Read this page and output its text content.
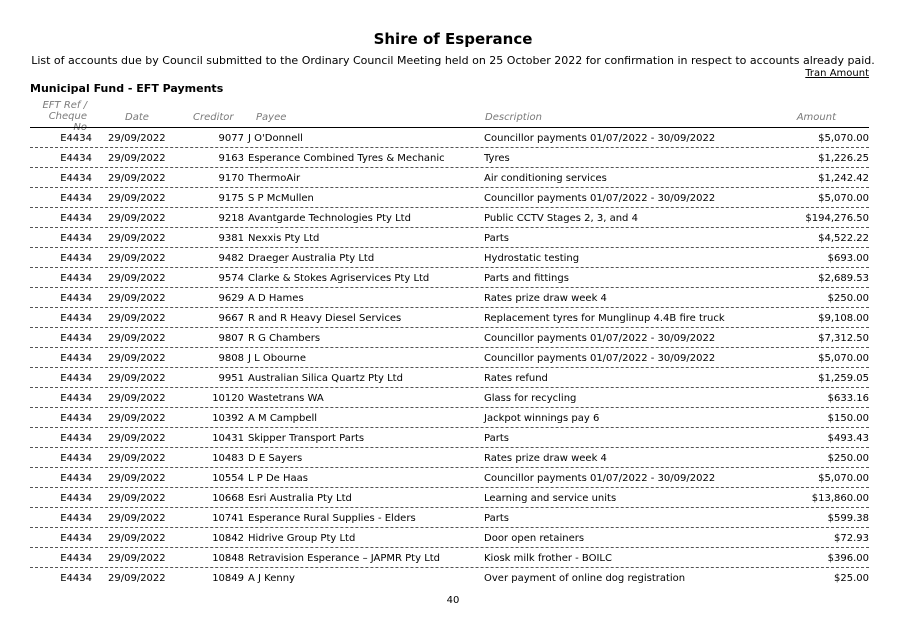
Shire of Esperance
List of accounts due by Council submitted to the Ordinary Council Meeting held on 25 October 2022 for confirmation in respect to accounts already paid.
Tran Amount
Municipal Fund - EFT Payments
EFT Ref /
Cheque No
Date	Creditor Payee	Description	Amount
E4434 29/09/2022	9077 J O'Donnell	Councillor payments 01/07/2022 - 30/09/2022	$5,070.00
E4434 29/09/2022	9163 Esperance Combined Tyres & Mechanic	Tyres	$1,226.25
E4434 29/09/2022	9170 ThermoAir	Air conditioning services	$1,242.42
E4434 29/09/2022	9175 S P McMullen	Councillor payments 01/07/2022 - 30/09/2022	$5,070.00
E4434 29/09/2022	9218 Avantgarde Technologies Pty Ltd	Public CCTV Stages 2, 3, and 4	$194,276.50
E4434 29/09/2022	9381 Nexxis Pty Ltd	Parts	$4,522.22
E4434 29/09/2022	9482 Draeger Australia Pty Ltd	Hydrostatic testing	$693.00
E4434 29/09/2022	9574 Clarke & Stokes Agriservices Pty Ltd	Parts and fittings	$2,689.53
E4434 29/09/2022	9629 A D Hames	Rates prize draw week 4	$250.00
E4434 29/09/2022	9667 R and R Heavy Diesel Services	Replacement tyres for Munglinup 4.4B fire truck	$9,108.00
E4434 29/09/2022	9807 R G Chambers	Councillor payments 01/07/2022 - 30/09/2022	$7,312.50
E4434 29/09/2022	9808 J L Obourne	Councillor payments 01/07/2022 - 30/09/2022	$5,070.00
E4434 29/09/2022	9951 Australian Silica Quartz Pty Ltd	Rates refund	$1,259.05
E4434 29/09/2022	10120 Wastetrans WA	Glass for recycling	$633.16
E4434 29/09/2022	10392 A M Campbell	Jackpot winnings pay 6	$150.00
E4434 29/09/2022	10431 Skipper Transport Parts	Parts	$493.43
E4434 29/09/2022	10483 D E Sayers	Rates prize draw week 4	$250.00
E4434 29/09/2022	10554 L P De Haas	Councillor payments 01/07/2022 - 30/09/2022	$5,070.00
E4434 29/09/2022	10668 Esri Australia Pty Ltd	Learning and service units	$13,860.00
E4434 29/09/2022	10741 Esperance Rural Supplies - Elders	Parts	$599.38
E4434 29/09/2022	10842 Hidrive Group Pty Ltd	Door open retainers	$72.93
E4434 29/09/2022	10848 Retravision Esperance – JAPMR Pty Ltd	Kiosk milk frother - BOILC	$396.00
E4434 29/09/2022	10849 A J Kenny	Over payment of online dog registration	$25.00
40
